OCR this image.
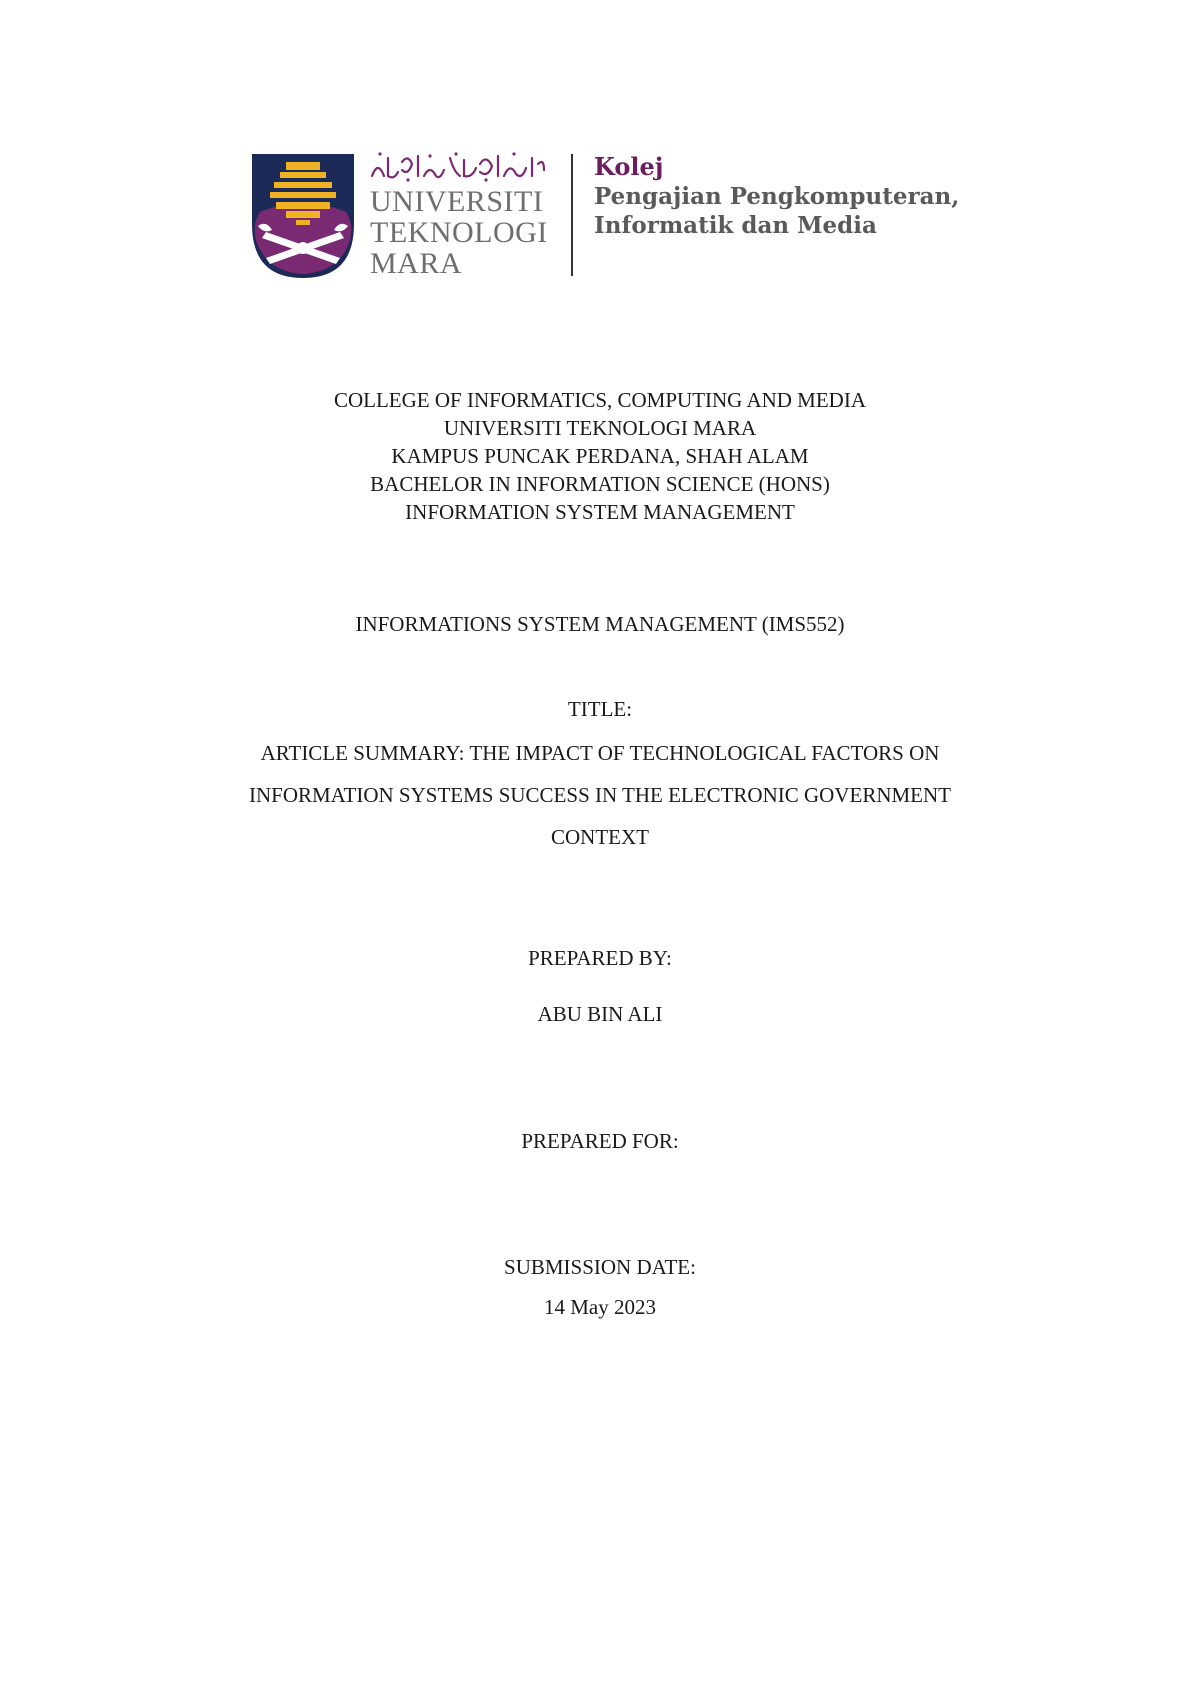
UNIVERSITI
TEKNOLOGI
MARA
Kolej
Pengajian Pengkomputeran,
Informatik dan Media
COLLEGE OF INFORMATICS, COMPUTING AND MEDIA
UNIVERSITI TEKNOLOGI MARA
KAMPUS PUNCAK PERDANA, SHAH ALAM
BACHELOR IN INFORMATION SCIENCE (HONS)
INFORMATION SYSTEM MANAGEMENT
INFORMATIONS SYSTEM MANAGEMENT (IMS552)
TITLE:
ARTICLE SUMMARY: THE IMPACT OF TECHNOLOGICAL FACTORS ON
INFORMATION SYSTEMS SUCCESS IN THE ELECTRONIC GOVERNMENT
CONTEXT
PREPARED BY:
ABU BIN ALI
PREPARED FOR:
SUBMISSION DATE:
14 May 2023
